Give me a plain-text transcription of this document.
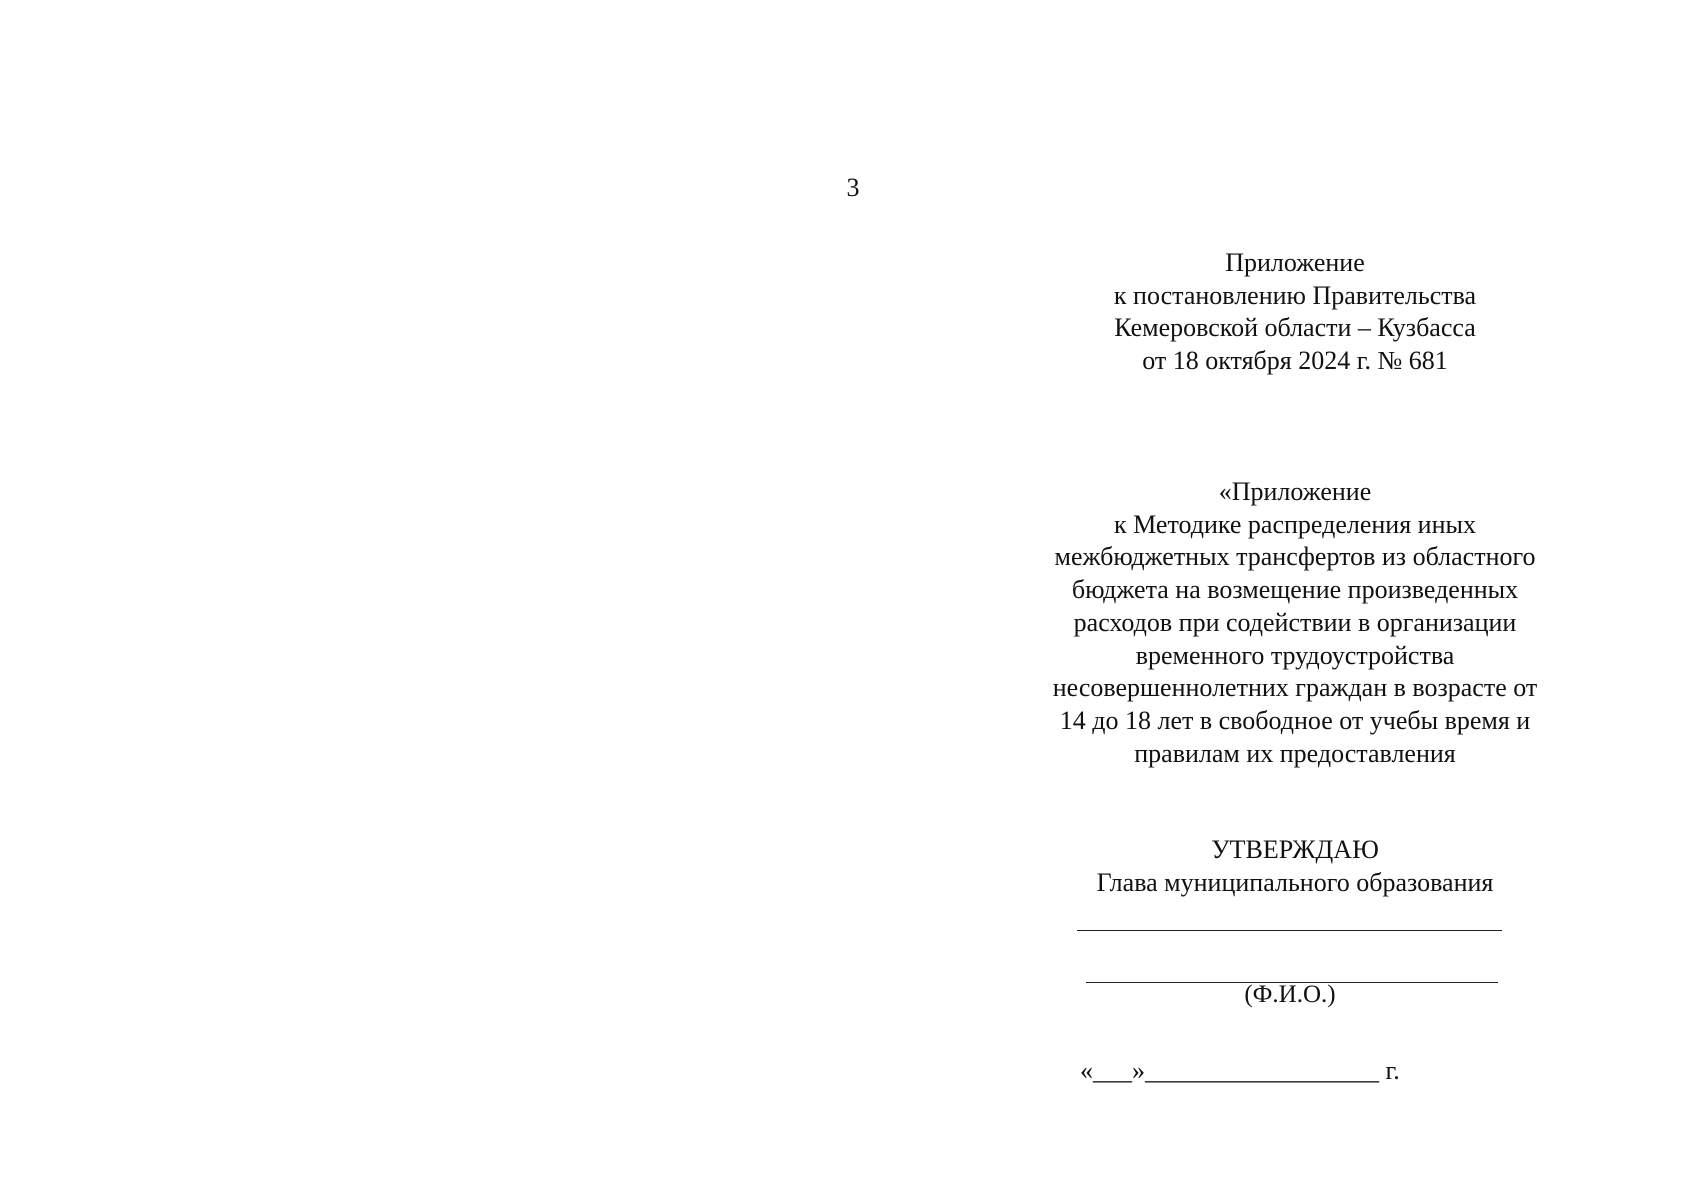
3
Приложение
к постановлению Правительства
Кемеровской области – Кузбасса
от 18 октября 2024 г. № 681
«Приложение
к Методике распределения иных
межбюджетных трансфертов из областного
бюджета на возмещение произведенных
расходов при содействии в организации
временного трудоустройства
несовершеннолетних граждан в возрасте от
14 до 18 лет в свободное от учебы время и
правилам их предоставления
УТВЕРЖДАЮ
Глава муниципального образования
(Ф.И.О.)
«___»__________________ г.
